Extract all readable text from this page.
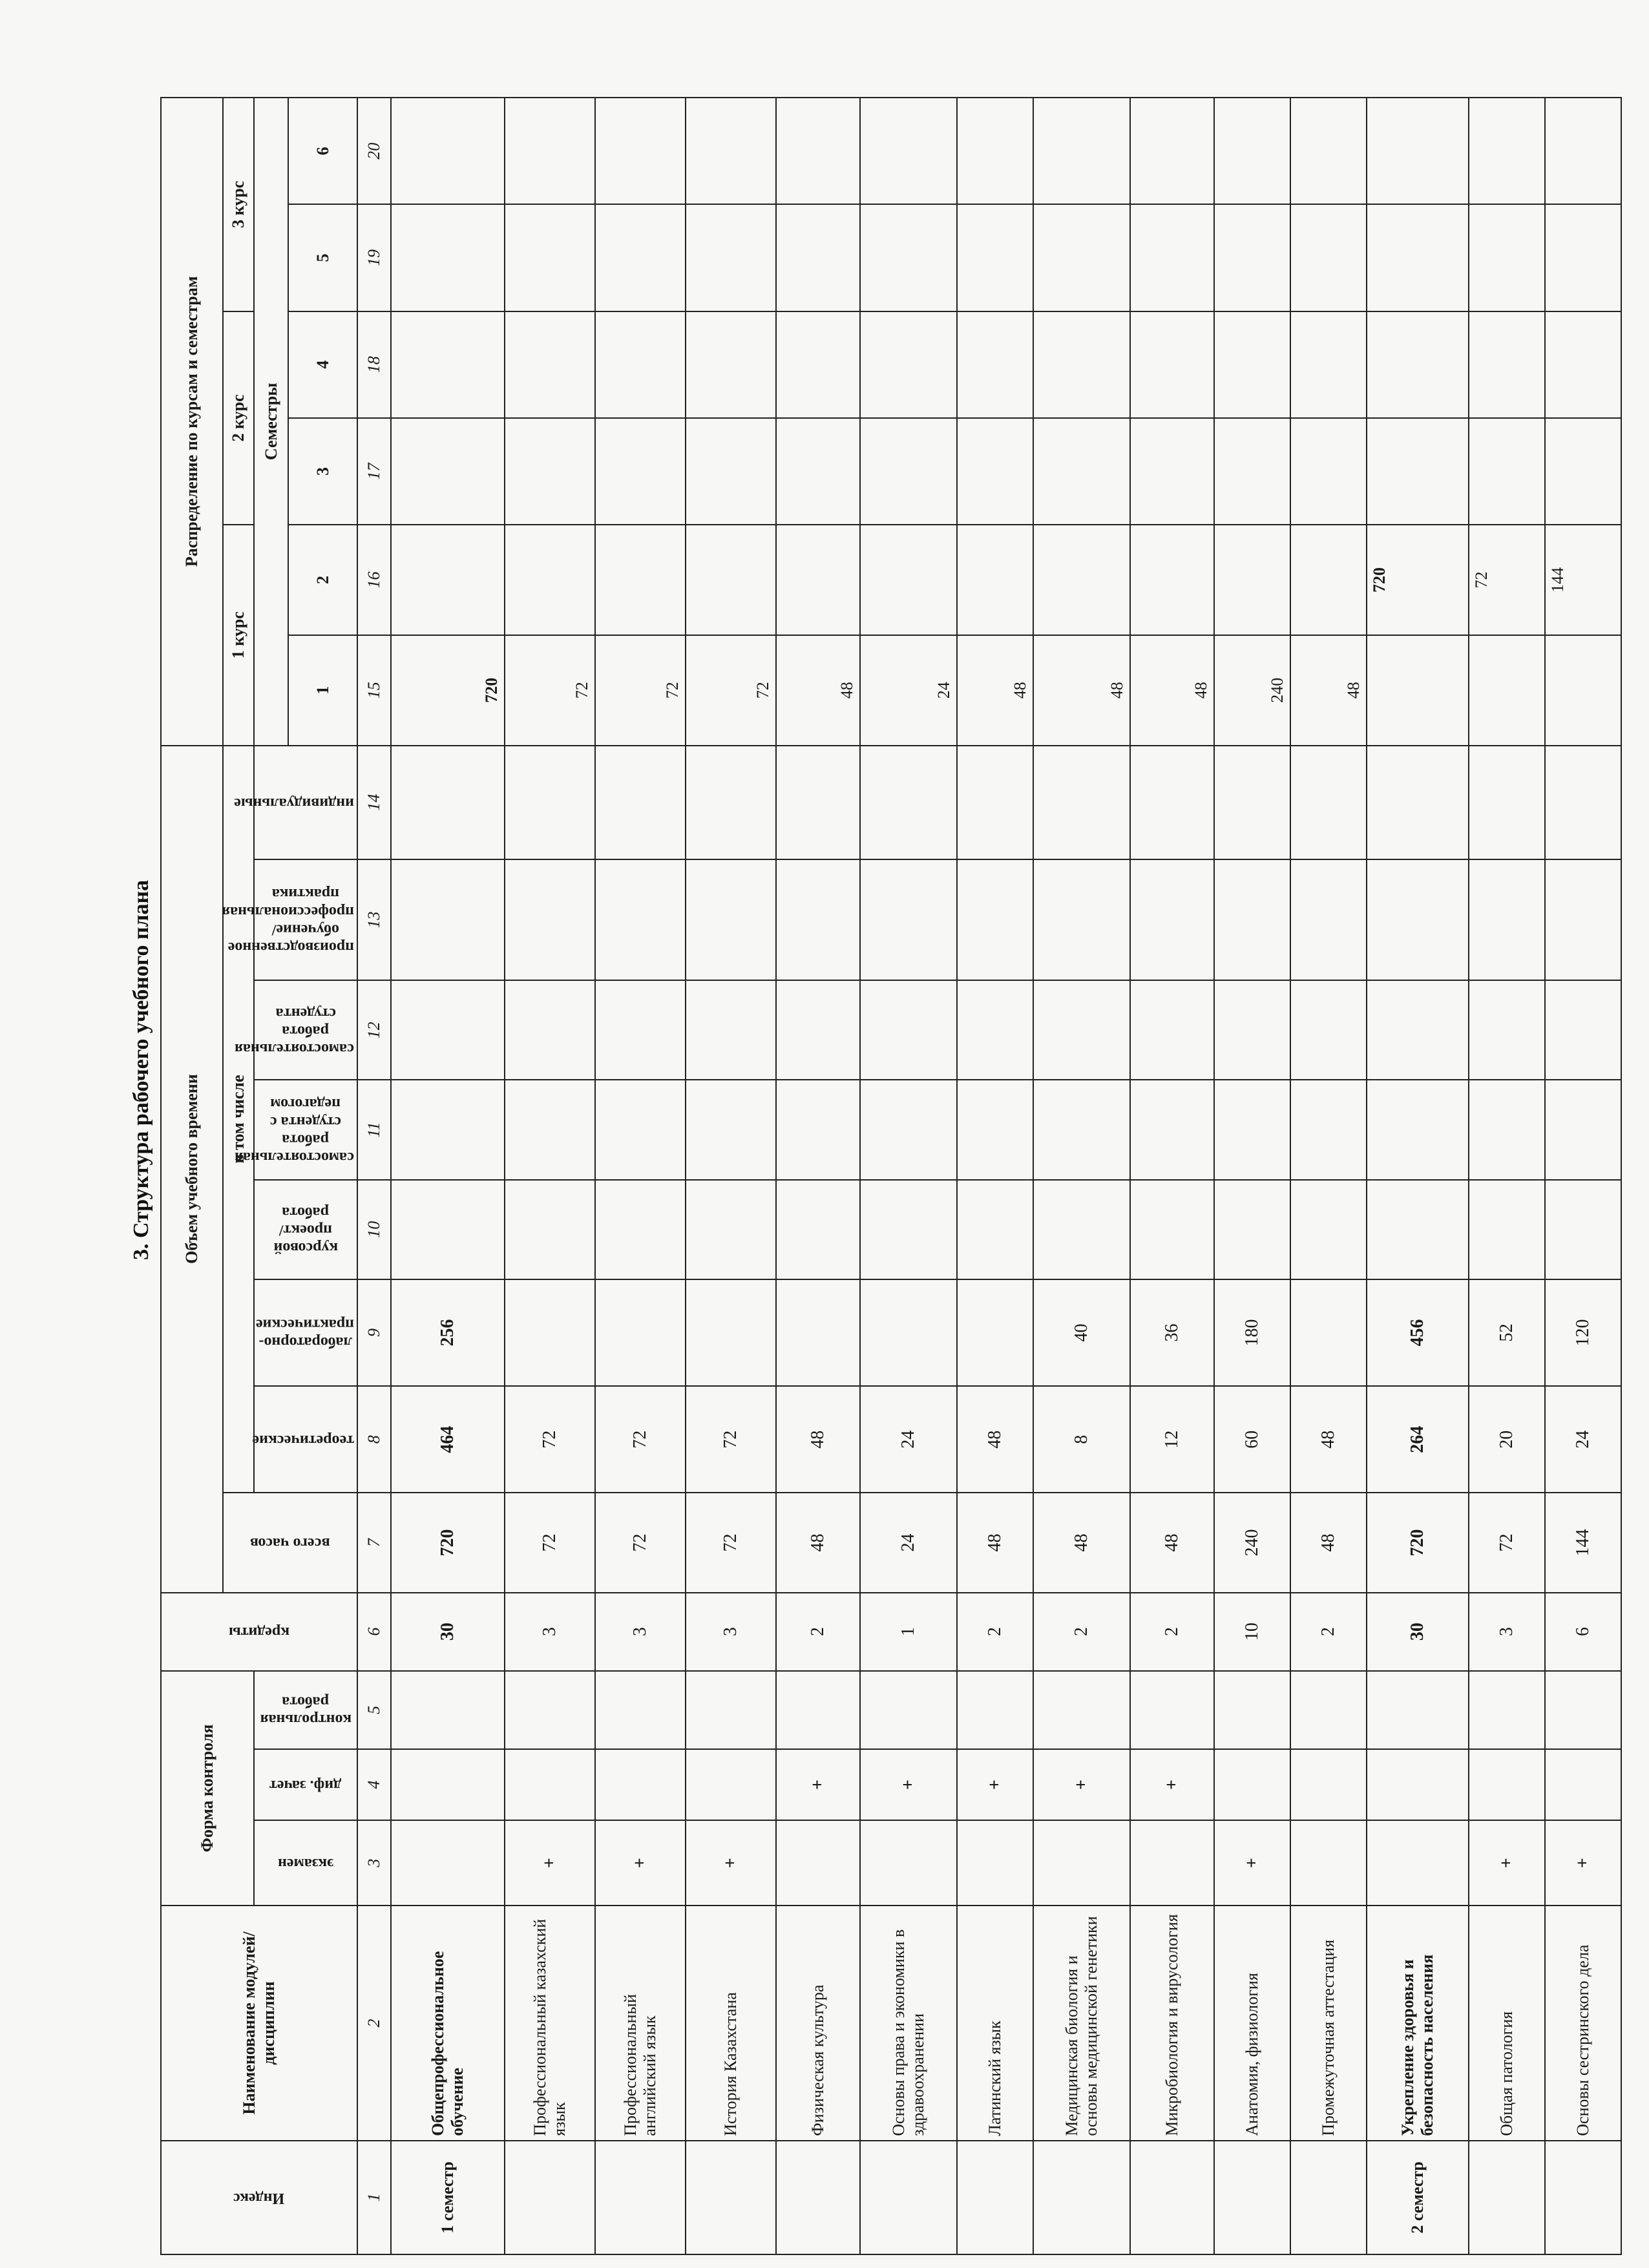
3. Структура рабочего учебного плана
Индекс	Наименование модулей/ дисциплин	Форма контроля			кредиты	Объем учебного времени								Распределение по курсам и семестрам					

						всего часов	в том числе							1 курс		2 курс		3 курс	

		экзамен	диф. зачет	контрольная работа			теоретические	лабораторно-практические	курсовой проект/работа	самостоятельная работа студента с педагогом	самостоятельная работа студента	производственное обучение/ профессиональная практика	индивидуальные	Семестры					
														1	2	3	4	5	6
1	2	3	4	5	6	7	8	9	10	11	12	13	14	15	16	17	18	19	20
1 семестр	Общепрофессиональное обучение				30	720	464	256						720					
	Профессиональный казахский язык	+			3	72	72							72					
	Профессиональный английский язык	+			3	72	72							72					
	История Казахстана	+			3	72	72							72					
	Физическая культура		+		2	48	48							48					
	Основы права и экономики в здравоохранении		+		1	24	24							24					
	Латинский язык		+		2	48	48							48					
	Медицинская биология и основы медицинской генетики		+		2	48	8	40						48					
	Микробиология и вирусология		+		2	48	12	36						48					
	Анатомия, физиология	+			10	240	60	180						240					
	Промежуточная аттестация				2	48	48							48					
2 семестр	Укрепление здоровья и безопасность населения				30	720	264	456							720				
	Общая патология	+			3	72	20	52							72				
	Основы сестринского дела	+			6	144	24	120							144				
